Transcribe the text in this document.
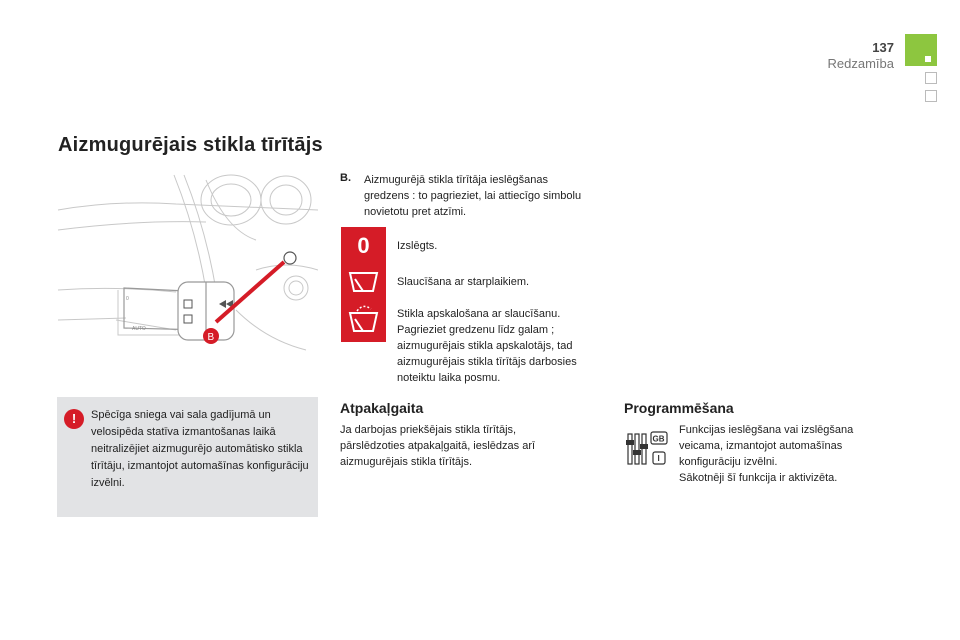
137
Redzamība
Aizmugurējais stikla tīrītājs
0
AUTO
B
B. Aizmugurējā stikla tīrītāja ieslēgšanas gredzens : to pagrieziet, lai attiecīgo simbolu novietotu pret atzīmi.
0	Izslēgts.
Slaucīšana ar starplaikiem.
Stikla apskalošana ar slaucīšanu. Pagrieziet gredzenu līdz galam ; aizmugurējais stikla apskalotājs, tad aizmugurējais stikla tīrītājs darbosies noteiktu laika posmu.
!	Spēcīga sniega vai sala gadījumā un velosipēda statīva izmantošanas laikā neitralizējiet aizmugurējo automātisko stikla tīrītāju, izmantojot automašīnas konfigurāciju izvēlni.
Atpakaļgaita
Ja darbojas priekšējais stikla tīrītājs, pārslēdzoties atpakaļgaitā, ieslēdzas arī aizmugurējais stikla tīrītājs.
Programmēšana
GB
I
Funkcijas ieslēgšana vai izslēgšana veicama, izmantojot automašīnas konfigurāciju izvēlni.
Sākotnēji šī funkcija ir aktivizēta.
